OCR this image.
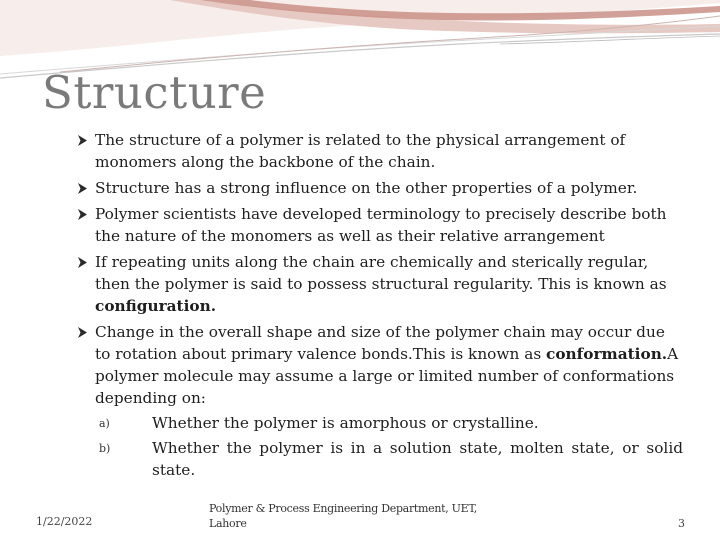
Structure
The structure of a polymer is related to the physical arrangement of monomers along the backbone of the chain.
Structure has a strong influence on the other properties of a polymer.
Polymer scientists have developed terminology to precisely describe both the nature of the monomers as well as their relative arrangement
If repeating units along the chain are chemically and sterically regular, then the polymer is said to possess structural regularity. This is known as configuration.
Change in the overall shape and size of the polymer chain may occur due to rotation about primary valence bonds.This is known as conformation.A polymer molecule may assume a large or limited number of conformations depending on:
a)	Whether the polymer is amorphous or crystalline.
b)	Whether the polymer is in a solution state, molten state, or solid state.
1/22/2022
Polymer & Process Engineering Department, UET, Lahore	3
